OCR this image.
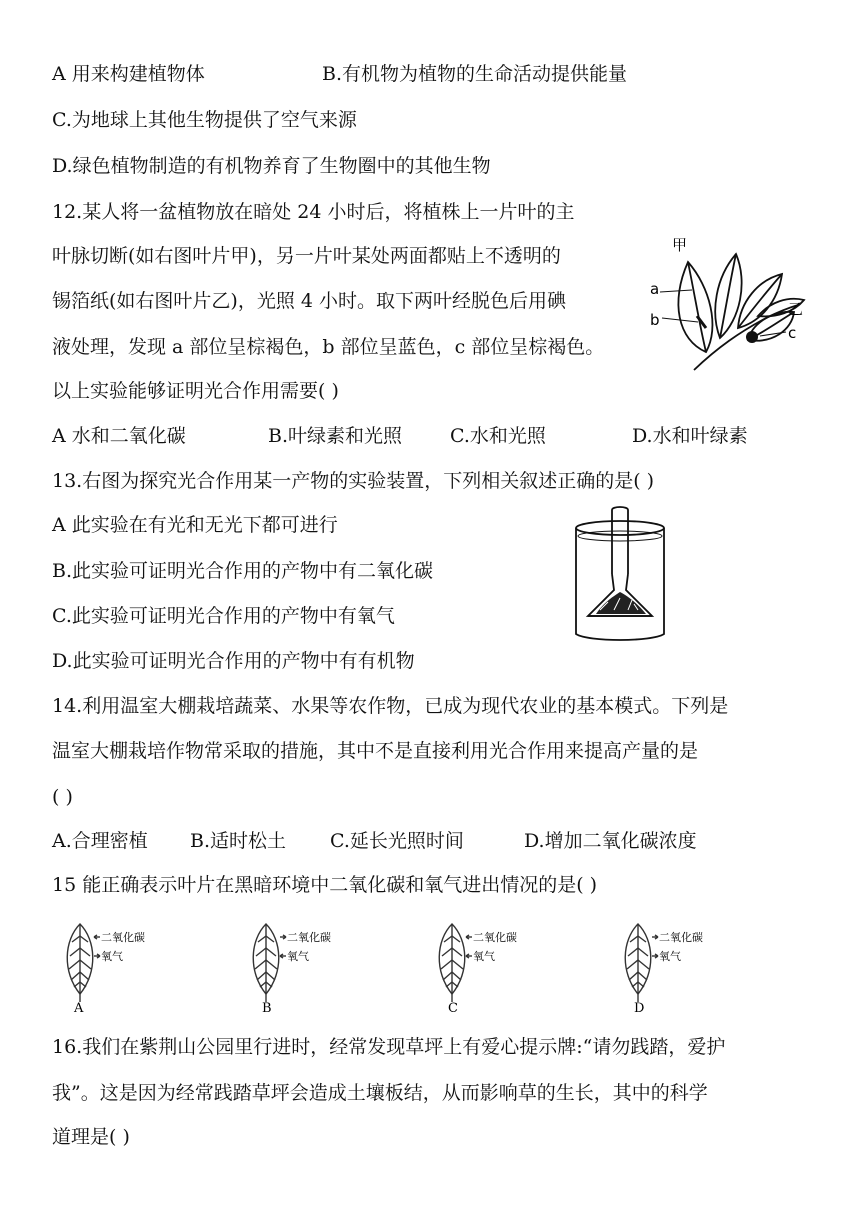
A 用来构建植物体	B.有机物为植物的生命活动提供能量
C.为地球上其他生物提供了空气来源
D.绿色植物制造的有机物养育了生物圈中的其他生物
12.某人将一盆植物放在暗处 24 小时后，将植株上一片叶的主
叶脉切断(如右图叶片甲)，另一片叶某处两面都贴上不透明的
锡箔纸(如右图叶片乙)，光照 4 小时。取下两叶经脱色后用碘
液处理，发现 a 部位呈棕褐色，b 部位呈蓝色，c 部位呈棕褐色。
以上实验能够证明光合作用需要( )
A 水和二氧化碳	B.叶绿素和光照	C.水和光照	D.水和叶绿素
甲
乙
a
b
c
13.右图为探究光合作用某一产物的实验装置，下列相关叙述正确的是( )
A 此实验在有光和无光下都可进行
B.此实验可证明光合作用的产物中有二氧化碳
C.此实验可证明光合作用的产物中有氧气
D.此实验可证明光合作用的产物中有有机物
14.利用温室大棚栽培蔬菜、水果等农作物，已成为现代农业的基本模式。下列是
温室大棚栽培作物常采取的措施，其中不是直接利用光合作用来提高产量的是
( )
A.合理密植 B.适时松土 C.延长光照时间	D.增加二氧化碳浓度
15 能正确表示叶片在黑暗环境中二氧化碳和氧气进出情况的是( )
二氧化碳
氧气
A
二氧化碳
氧气
B
二氧化碳
氧气
C
二氧化碳
氧气
D
16.我们在紫荆山公园里行进时，经常发现草坪上有爱心提示牌:“请勿践踏，爱护
我”。这是因为经常践踏草坪会造成土壤板结，从而影响草的生长，其中的科学
道理是( )
